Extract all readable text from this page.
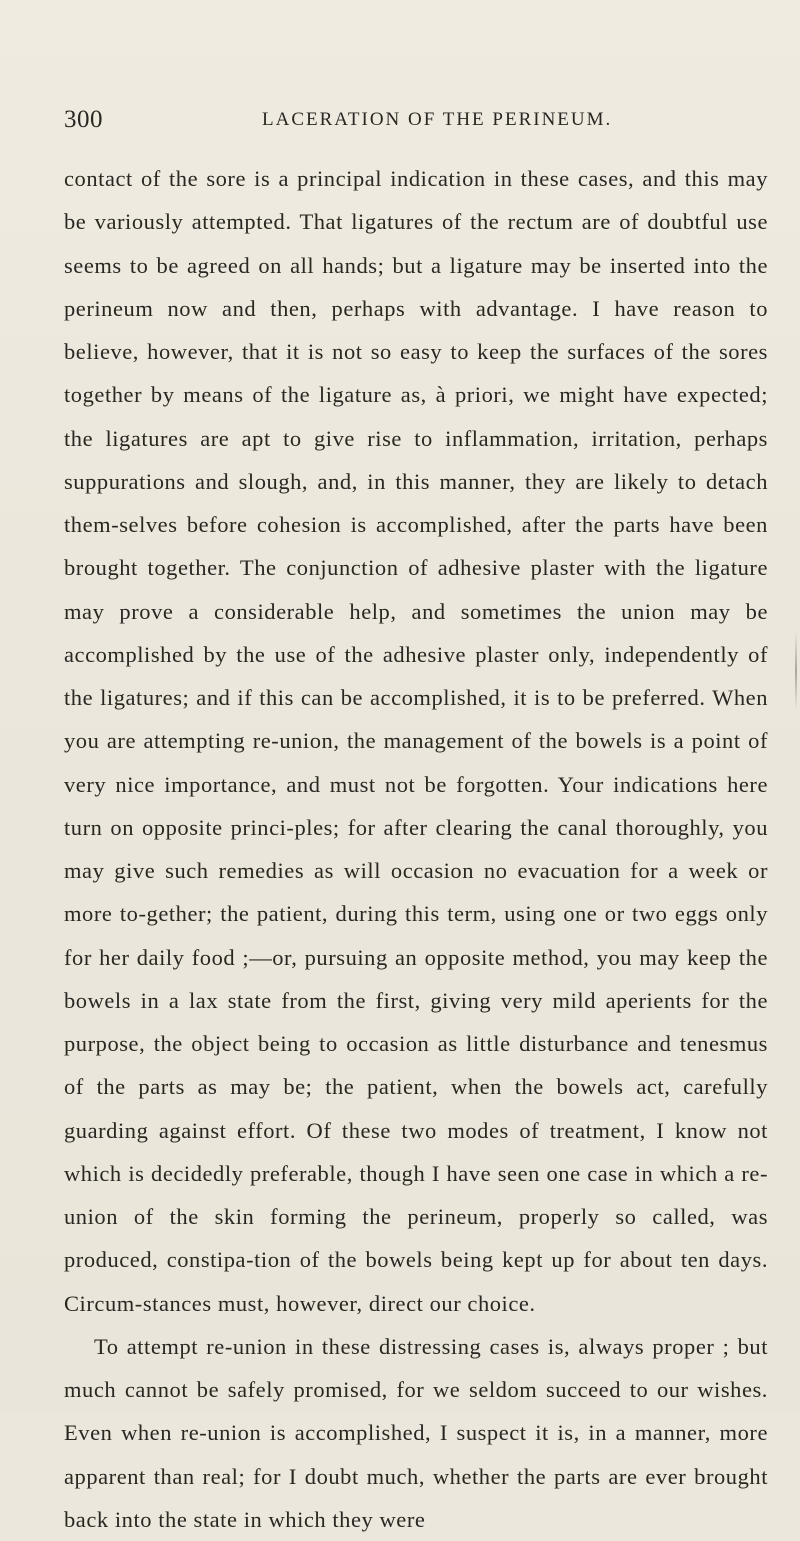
300	LACERATION OF THE PERINEUM.

contact of the sore is a principal indication in these cases, and this may be variously attempted. That ligatures of the rectum are of doubtful use seems to be agreed on all hands; but a ligature may be inserted into the perineum now and then, perhaps with advantage. I have reason to believe, however, that it is not so easy to keep the surfaces of the sores together by means of the ligature as, à priori, we might have expected; the ligatures are apt to give rise to inflammation, irritation, perhaps suppurations and slough, and, in this manner, they are likely to detach them-selves before cohesion is accomplished, after the parts have been brought together. The conjunction of adhesive plaster with the ligature may prove a considerable help, and sometimes the union may be accomplished by the use of the adhesive plaster only, independently of the ligatures; and if this can be accomplished, it is to be preferred. When you are attempting re-union, the management of the bowels is a point of very nice importance, and must not be forgotten. Your indications here turn on opposite princi-ples; for after clearing the canal thoroughly, you may give such remedies as will occasion no evacuation for a week or more to-gether; the patient, during this term, using one or two eggs only for her daily food ;—or, pursuing an opposite method, you may keep the bowels in a lax state from the first, giving very mild aperients for the purpose, the object being to occasion as little disturbance and tenesmus of the parts as may be; the patient, when the bowels act, carefully guarding against effort. Of these two modes of treatment, I know not which is decidedly preferable, though I have seen one case in which a re-union of the skin forming the perineum, properly so called, was produced, constipa-tion of the bowels being kept up for about ten days. Circum-stances must, however, direct our choice.

To attempt re-union in these distressing cases is, always proper ; but much cannot be safely promised, for we seldom succeed to our wishes. Even when re-union is accomplished, I suspect it is, in a manner, more apparent than real; for I doubt much, whether the parts are ever brought back into the state in which they were
